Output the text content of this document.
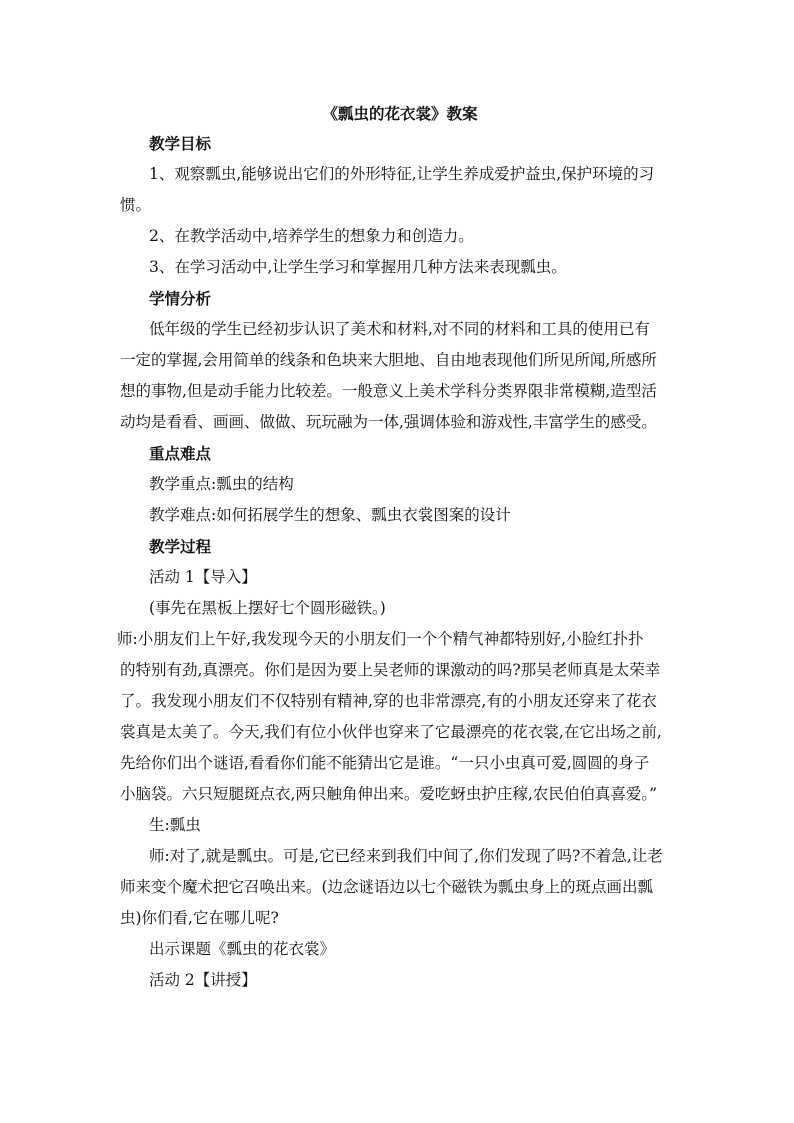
《瓢虫的花衣裳》教案

教学目标

1、观察瓢虫,能够说出它们的外形特征,让学生养成爱护益虫,保护环境的习

惯。

2、在教学活动中,培养学生的想象力和创造力。

3、在学习活动中,让学生学习和掌握用几种方法来表现瓢虫。

学情分析

低年级的学生已经初步认识了美术和材料,对不同的材料和工具的使用已有

一定的掌握,会用简单的线条和色块来大胆地、自由地表现他们所见所闻,所感所

想的事物,但是动手能力比较差。一般意义上美术学科分类界限非常模糊,造型活

动均是看看、画画、做做、玩玩融为一体,强调体验和游戏性,丰富学生的感受。

重点难点

教学重点:瓢虫的结构

教学难点:如何拓展学生的想象、瓢虫衣裳图案的设计

教学过程

活动 1【导入】

(事先在黑板上摆好七个圆形磁铁。)

师:小朋友们上午好,我发现今天的小朋友们一个个精气神都特别好,小脸红扑扑

的特别有劲,真漂亮。你们是因为要上吴老师的课激动的吗?那吴老师真是太荣幸

了。我发现小朋友们不仅特别有精神,穿的也非常漂亮,有的小朋友还穿来了花衣

裳真是太美了。今天,我们有位小伙伴也穿来了它最漂亮的花衣裳,在它出场之前,

先给你们出个谜语,看看你们能不能猜出它是谁。“一只小虫真可爱,圆圆的身子

小脑袋。六只短腿斑点衣,两只触角伸出来。爱吃蚜虫护庄稼,农民伯伯真喜爱。”

生:瓢虫

师:对了,就是瓢虫。可是,它已经来到我们中间了,你们发现了吗?不着急,让老

师来变个魔术把它召唤出来。(边念谜语边以七个磁铁为瓢虫身上的斑点画出瓢

虫)你们看,它在哪儿呢?

出示课题《瓢虫的花衣裳》

活动 2【讲授】
